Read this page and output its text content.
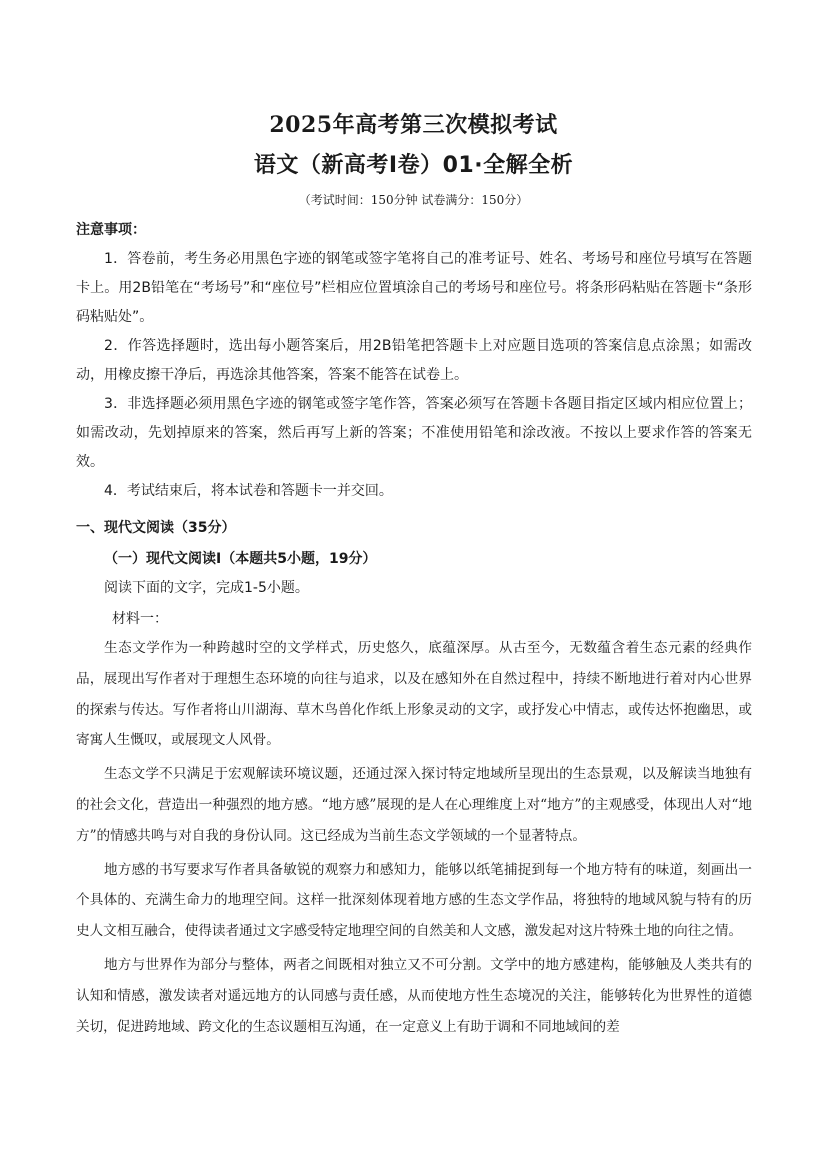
2025年高考第三次模拟考试
语文（新高考Ⅰ卷）01·全解全析
（考试时间：150分钟 试卷满分：150分）
注意事项：

1．答卷前，考生务必用黑色字迹的钢笔或签字笔将自己的准考证号、姓名、考场号和座位号填写在答题卡上。用2B铅笔在“考场号”和“座位号”栏相应位置填涂自己的考场号和座位号。将条形码粘贴在答题卡“条形码粘贴处”。

2．作答选择题时，选出每小题答案后，用2B铅笔把答题卡上对应题目选项的答案信息点涂黑；如需改动，用橡皮擦干净后，再选涂其他答案，答案不能答在试卷上。

3．非选择题必须用黑色字迹的钢笔或签字笔作答，答案必须写在答题卡各题目指定区域内相应位置上；如需改动，先划掉原来的答案，然后再写上新的答案；不准使用铅笔和涂改液。不按以上要求作答的答案无效。

4．考试结束后，将本试卷和答题卡一并交回。

一、现代文阅读（35分）
（一）现代文阅读Ⅰ（本题共5小题，19分）
阅读下面的文字，完成1-5小题。
材料一：

生态文学作为一种跨越时空的文学样式，历史悠久，底蕴深厚。从古至今，无数蕴含着生态元素的经典作品，展现出写作者对于理想生态环境的向往与追求，以及在感知外在自然过程中，持续不断地进行着对内心世界的探索与传达。写作者将山川湖海、草木鸟兽化作纸上形象灵动的文字，或抒发心中情志，或传达怀抱幽思，或寄寓人生慨叹，或展现文人风骨。

生态文学不只满足于宏观解读环境议题，还通过深入探讨特定地域所呈现出的生态景观，以及解读当地独有的社会文化，营造出一种强烈的地方感。“地方感”展现的是人在心理维度上对“地方”的主观感受，体现出人对“地方”的情感共鸣与对自我的身份认同。这已经成为当前生态文学领域的一个显著特点。

地方感的书写要求写作者具备敏锐的观察力和感知力，能够以纸笔捕捉到每一个地方特有的味道，刻画出一个具体的、充满生命力的地理空间。这样一批深刻体现着地方感的生态文学作品，将独特的地域风貌与特有的历史人文相互融合，使得读者通过文字感受特定地理空间的自然美和人文感，激发起对这片特殊土地的向往之情。

地方与世界作为部分与整体，两者之间既相对独立又不可分割。文学中的地方感建构，能够触及人类共有的认知和情感，激发读者对遥远地方的认同感与责任感，从而使地方性生态境况的关注，能够转化为世界性的道德关切，促进跨地域、跨文化的生态议题相互沟通，在一定意义上有助于调和不同地域间的差
